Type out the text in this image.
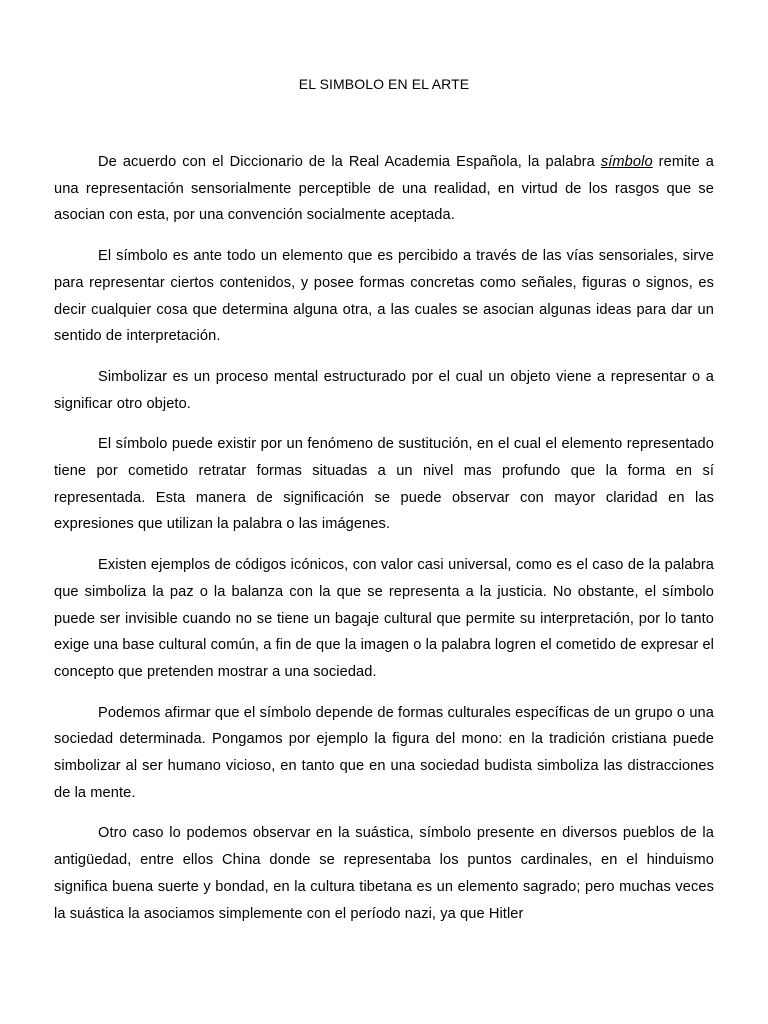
EL SIMBOLO EN EL ARTE

De acuerdo con el Diccionario de la Real Academia Española, la palabra símbolo remite a una representación sensorialmente perceptible de una realidad, en virtud de los rasgos que se asocian con esta, por una convención socialmente aceptada.

El símbolo es ante todo un elemento que es percibido a través de las vías sensoriales, sirve para representar ciertos contenidos, y posee formas concretas como señales, figuras o signos, es decir cualquier cosa que determina alguna otra, a las cuales se asocian algunas ideas para dar un sentido de interpretación.

Simbolizar es un proceso mental estructurado por el cual un objeto viene a representar o a significar otro objeto.

El símbolo puede existir por un fenómeno de sustitución, en el cual el elemento representado tiene por cometido retratar formas situadas a un nivel mas profundo que la forma en sí representada. Esta manera de significación se puede observar con mayor claridad en las expresiones que utilizan la palabra o las imágenes.

Existen ejemplos de códigos icónicos, con valor casi universal, como es el caso de la palabra que simboliza la paz o la balanza con la que se representa a la justicia. No obstante, el símbolo puede ser invisible cuando no se tiene un bagaje cultural que permite su interpretación, por lo tanto exige una base cultural común, a fin de que la imagen o la palabra logren el cometido de expresar el concepto que pretenden mostrar a una sociedad.

Podemos afirmar que el símbolo depende de formas culturales específicas de un grupo o una sociedad determinada. Pongamos por ejemplo la figura del mono: en la tradición cristiana puede simbolizar al ser humano vicioso, en tanto que en una sociedad budista simboliza las distracciones de la mente.

Otro caso lo podemos observar en la suástica, símbolo presente en diversos pueblos de la antigüedad, entre ellos China donde se representaba los puntos cardinales, en el hinduismo significa buena suerte y bondad, en la cultura tibetana es un elemento sagrado; pero muchas veces la suástica la asociamos simplemente con el período nazi, ya que Hitler
